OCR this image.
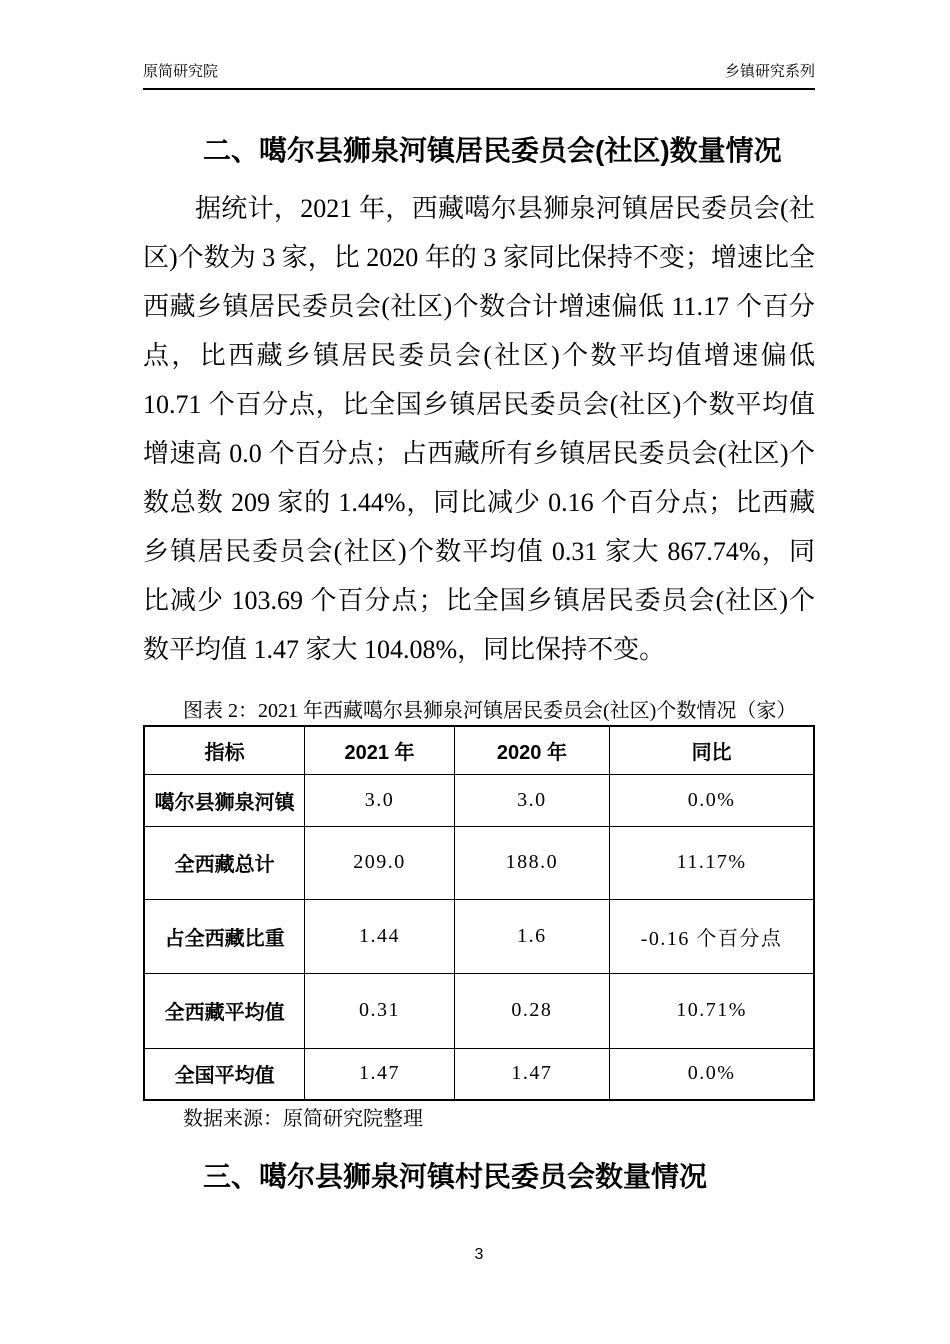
原简研究院	乡镇研究系列
二、噶尔县狮泉河镇居民委员会(社区)数量情况
据统计，2021 年，西藏噶尔县狮泉河镇居民委员会(社
区)个数为 3 家，比 2020 年的 3 家同比保持不变；增速比全
西藏乡镇居民委员会(社区)个数合计增速偏低 11.17 个百分
点，比西藏乡镇居民委员会(社区)个数平均值增速偏低
10.71 个百分点，比全国乡镇居民委员会(社区)个数平均值
增速高 0.0 个百分点；占西藏所有乡镇居民委员会(社区)个
数总数 209 家的 1.44%，同比减少 0.16 个百分点；比西藏
乡镇居民委员会(社区)个数平均值 0.31 家大 867.74%，同
比减少 103.69 个百分点；比全国乡镇居民委员会(社区)个
数平均值 1.47 家大 104.08%，同比保持不变。
图表 2：2021 年西藏噶尔县狮泉河镇居民委员会(社区)个数情况（家）
指标	2021 年	2020 年	同比
噶尔县狮泉河镇	3.0	3.0	0.0%
全西藏总计	209.0	188.0	11.17%
占全西藏比重	1.44	1.6	-0.16 个百分点
全西藏平均值	0.31	0.28	10.71%
全国平均值	1.47	1.47	0.0%
数据来源：原简研究院整理
三、噶尔县狮泉河镇村民委员会数量情况
3
